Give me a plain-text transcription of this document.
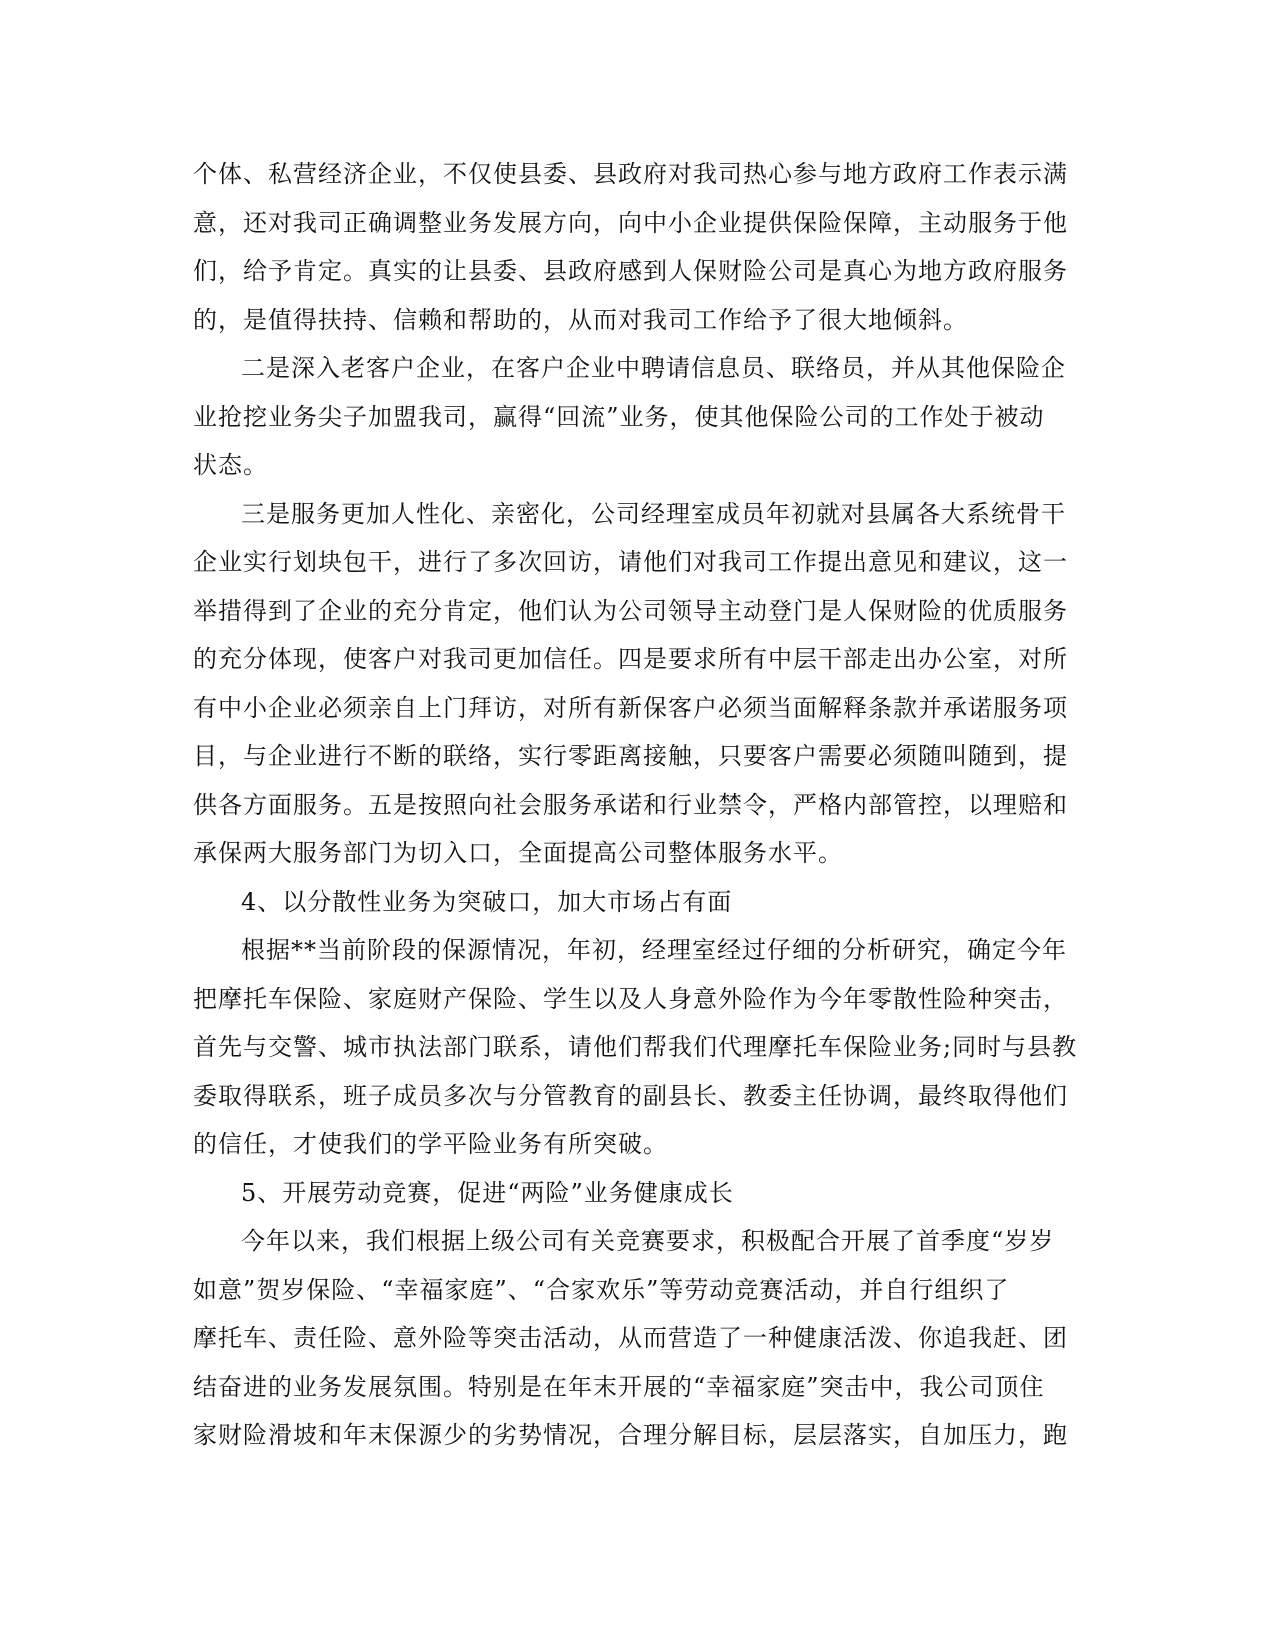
个体、私营经济企业，不仅使县委、县政府对我司热心参与地方政府工作表示满
意，还对我司正确调整业务发展方向，向中小企业提供保险保障，主动服务于他
们，给予肯定。真实的让县委、县政府感到人保财险公司是真心为地方政府服务
的，是值得扶持、信赖和帮助的，从而对我司工作给予了很大地倾斜。
二是深入老客户企业，在客户企业中聘请信息员、联络员，并从其他保险企
业抢挖业务尖子加盟我司，赢得“回流”业务，使其他保险公司的工作处于被动
状态。
三是服务更加人性化、亲密化，公司经理室成员年初就对县属各大系统骨干
企业实行划块包干，进行了多次回访，请他们对我司工作提出意见和建议，这一
举措得到了企业的充分肯定，他们认为公司领导主动登门是人保财险的优质服务
的充分体现，使客户对我司更加信任。四是要求所有中层干部走出办公室，对所
有中小企业必须亲自上门拜访，对所有新保客户必须当面解释条款并承诺服务项
目，与企业进行不断的联络，实行零距离接触，只要客户需要必须随叫随到，提
供各方面服务。五是按照向社会服务承诺和行业禁令，严格内部管控，以理赔和
承保两大服务部门为切入口，全面提高公司整体服务水平。
4、以分散性业务为突破口，加大市场占有面
根据**当前阶段的保源情况，年初，经理室经过仔细的分析研究，确定今年
把摩托车保险、家庭财产保险、学生以及人身意外险作为今年零散性险种突击，
首先与交警、城市执法部门联系，请他们帮我们代理摩托车保险业务;同时与县教
委取得联系，班子成员多次与分管教育的副县长、教委主任协调，最终取得他们
的信任，才使我们的学平险业务有所突破。
5、开展劳动竞赛，促进“两险”业务健康成长
今年以来，我们根据上级公司有关竞赛要求，积极配合开展了首季度“岁岁
如意”贺岁保险、“幸福家庭”、“合家欢乐”等劳动竞赛活动，并自行组织了
摩托车、责任险、意外险等突击活动，从而营造了一种健康活泼、你追我赶、团
结奋进的业务发展氛围。特别是在年末开展的“幸福家庭”突击中，我公司顶住
家财险滑坡和年末保源少的劣势情况，合理分解目标，层层落实，自加压力，跑
